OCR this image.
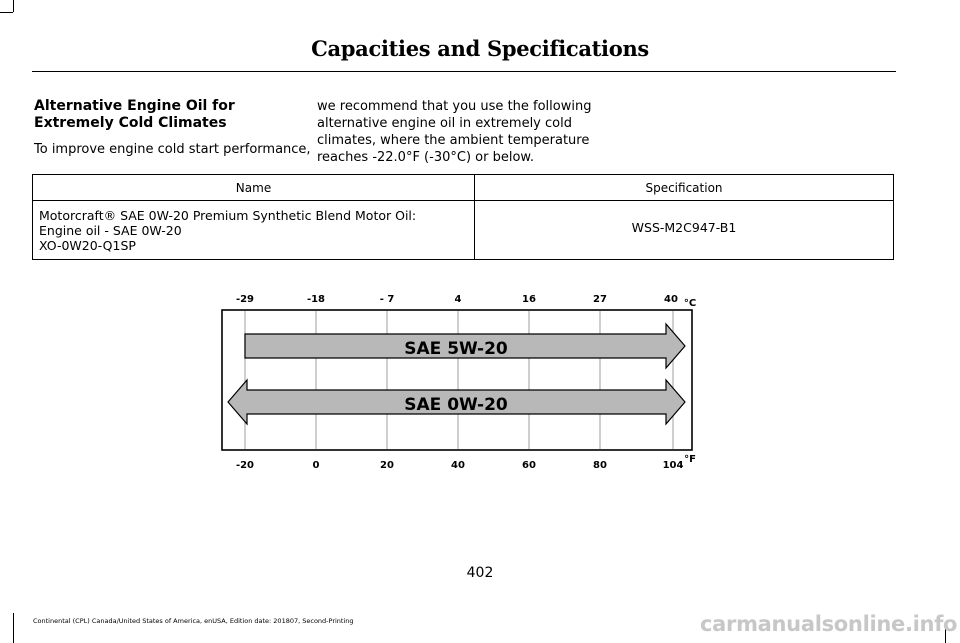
Capacities and Specifications
Alternative Engine Oil for Extremely Cold Climates
To improve engine cold start performance,
we recommend that you use the following alternative engine oil in extremely cold climates, where the ambient temperature reaches -22.0°F (-30°C) or below.
Name	Specification

Motorcraft® SAE 0W-20 Premium Synthetic Blend Motor Oil:
Engine oil - SAE 0W-20
XO-0W20-Q1SP	WSS-M2C947-B1
-29	-18	- 7	4	16	27	40 °C
-20	0	20	40	60	80	104
°F
SAE 5W-20
SAE 0W-20
402
Continental (CPL) Canada/United States of America, enUSA, Edition date: 201807, Second-Printing	carmanualsonline.info
